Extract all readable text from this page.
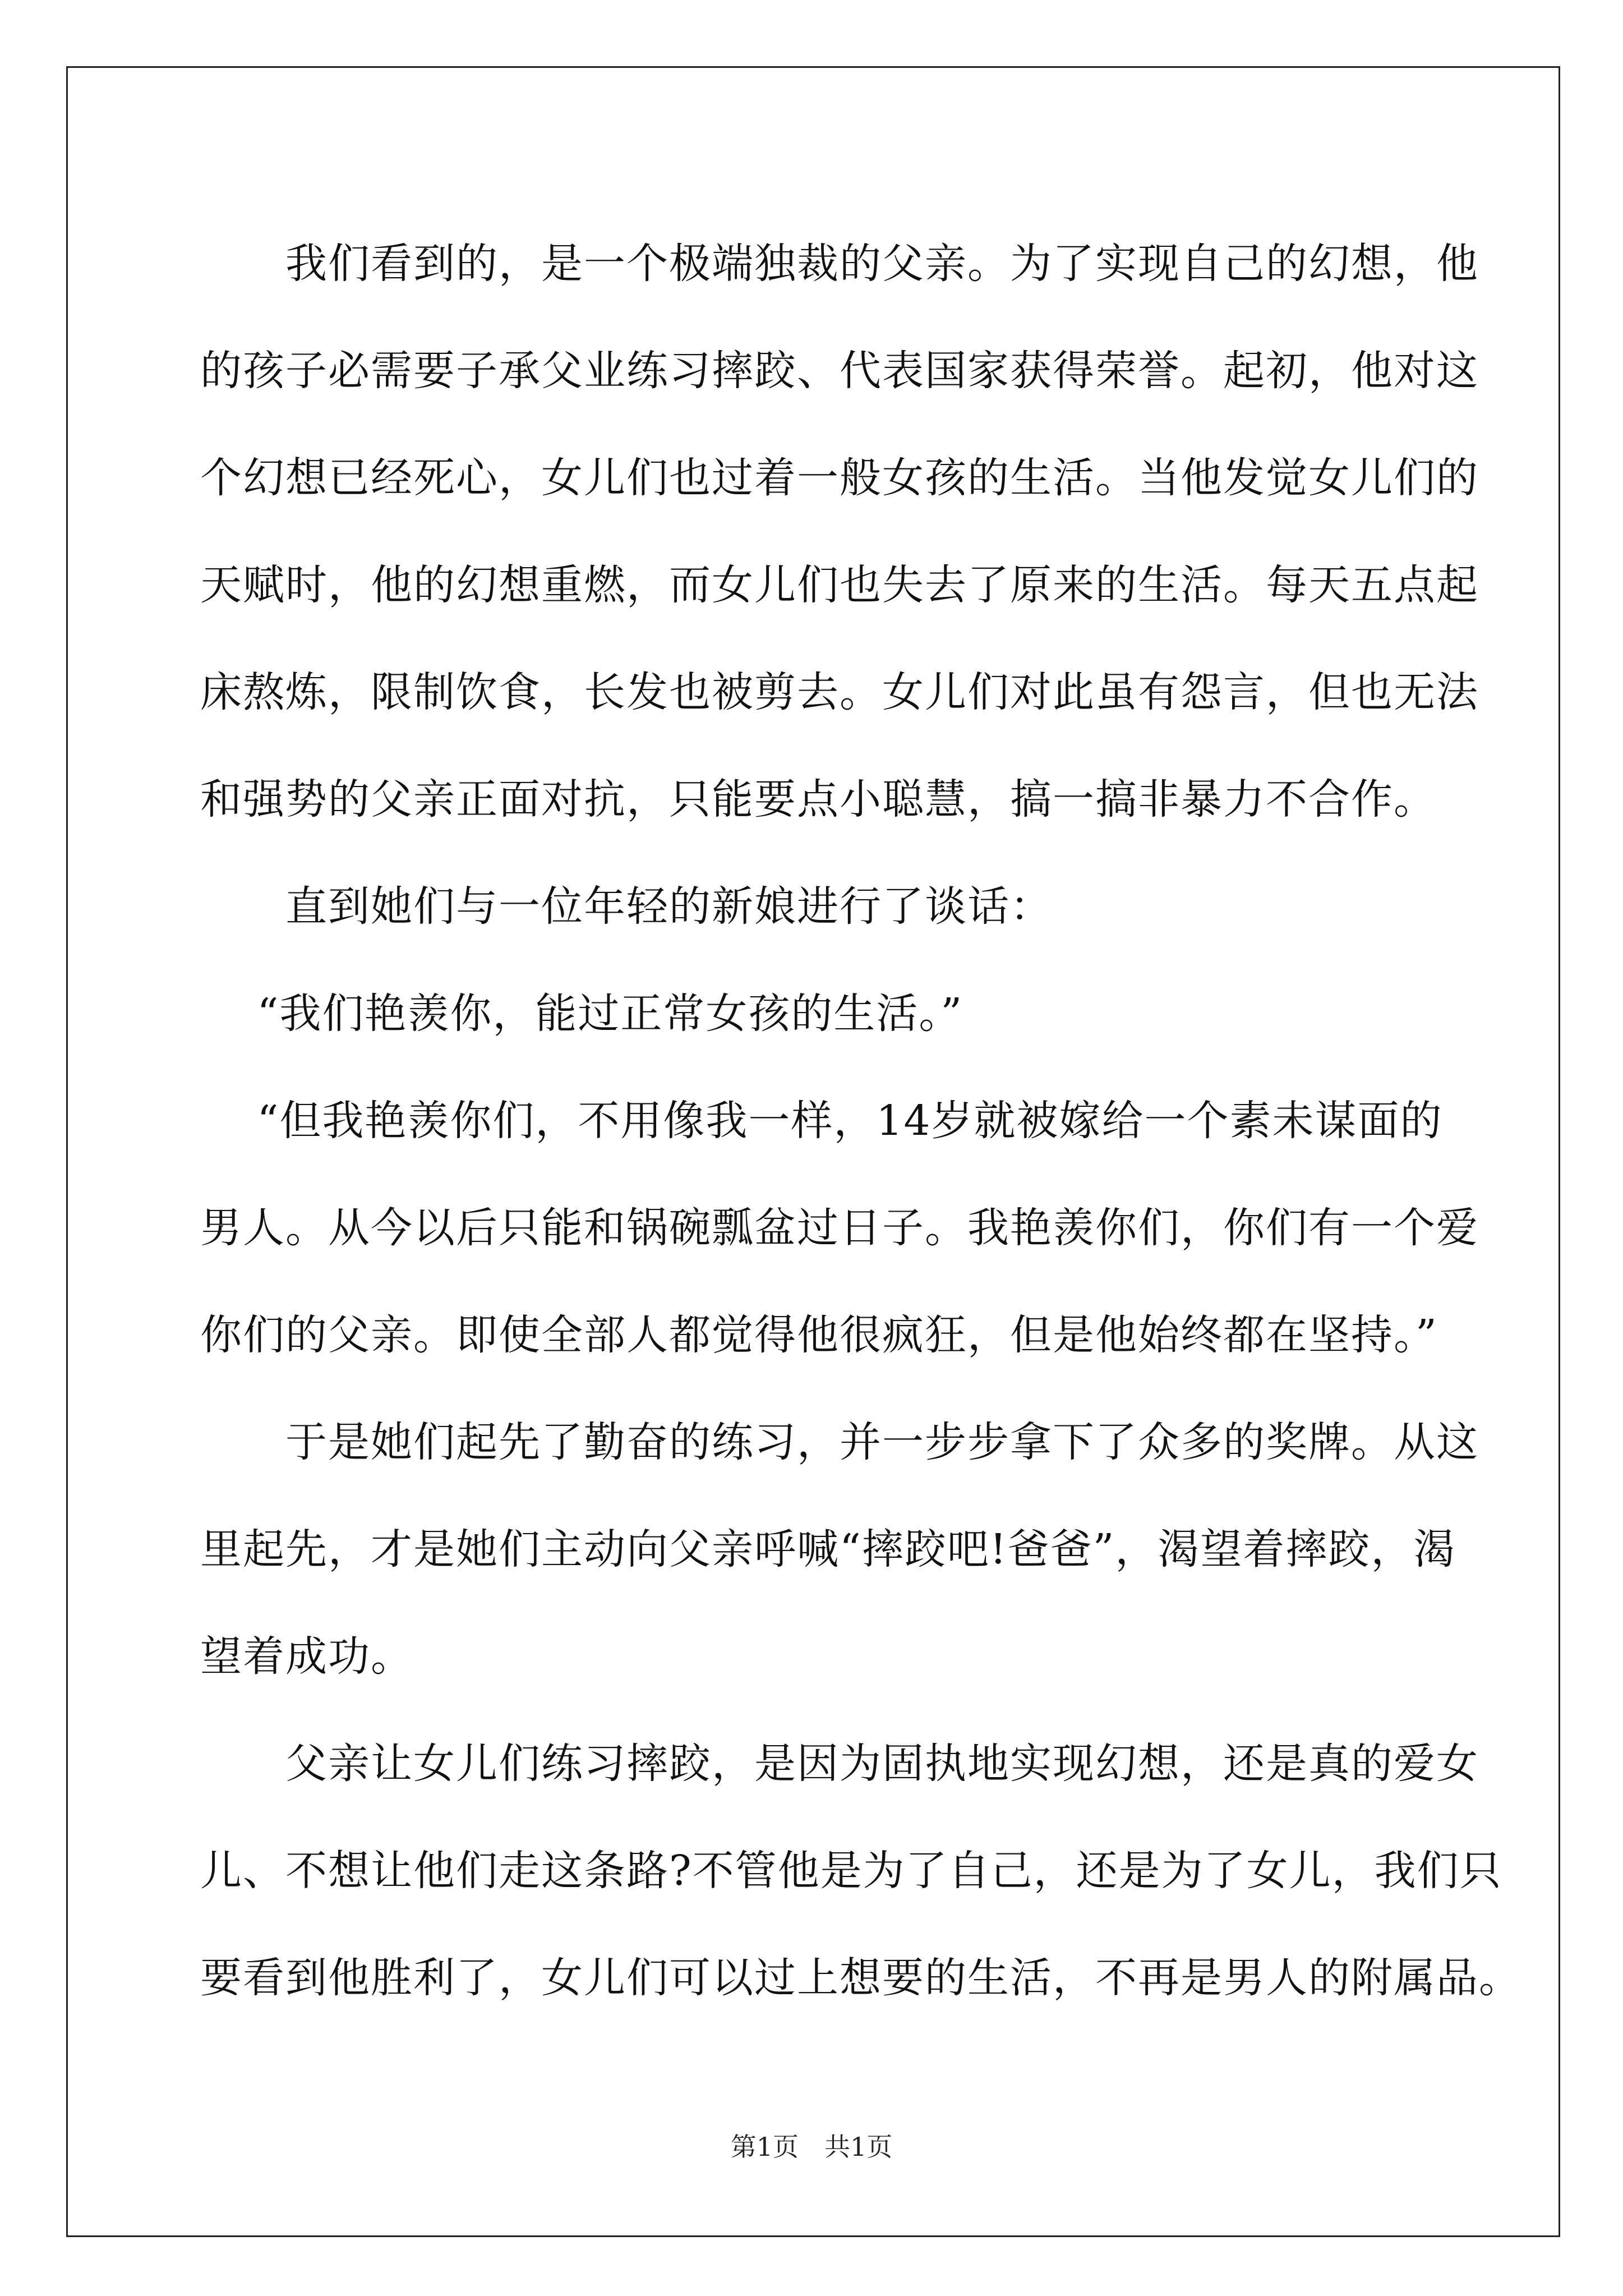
　　我们看到的，是一个极端独裁的父亲。为了实现自己的幻想，他
的孩子必需要子承父业练习摔跤、代表国家获得荣誉。起初，他对这
个幻想已经死心，女儿们也过着一般女孩的生活。当他发觉女儿们的
天赋时，他的幻想重燃，而女儿们也失去了原来的生活。每天五点起
床熬炼，限制饮食，长发也被剪去。女儿们对此虽有怨言，但也无法
和强势的父亲正面对抗，只能要点小聪慧，搞一搞非暴力不合作。
　　直到她们与一位年轻的新娘进行了谈话：
　 “我们艳羡你，能过正常女孩的生活。”
　 “但我艳羡你们，不用像我一样，14岁就被嫁给一个素未谋面的
男人。从今以后只能和锅碗瓢盆过日子。我艳羡你们，你们有一个爱
你们的父亲。即使全部人都觉得他很疯狂，但是他始终都在坚持。”
　　于是她们起先了勤奋的练习，并一步步拿下了众多的奖牌。从这
里起先，才是她们主动向父亲呼喊“摔跤吧!爸爸”，渴望着摔跤，渴
望着成功。
　　父亲让女儿们练习摔跤，是因为固执地实现幻想，还是真的爱女
儿、不想让他们走这条路?不管他是为了自己，还是为了女儿，我们只
要看到他胜利了，女儿们可以过上想要的生活，不再是男人的附属品。
第1页　共1页
